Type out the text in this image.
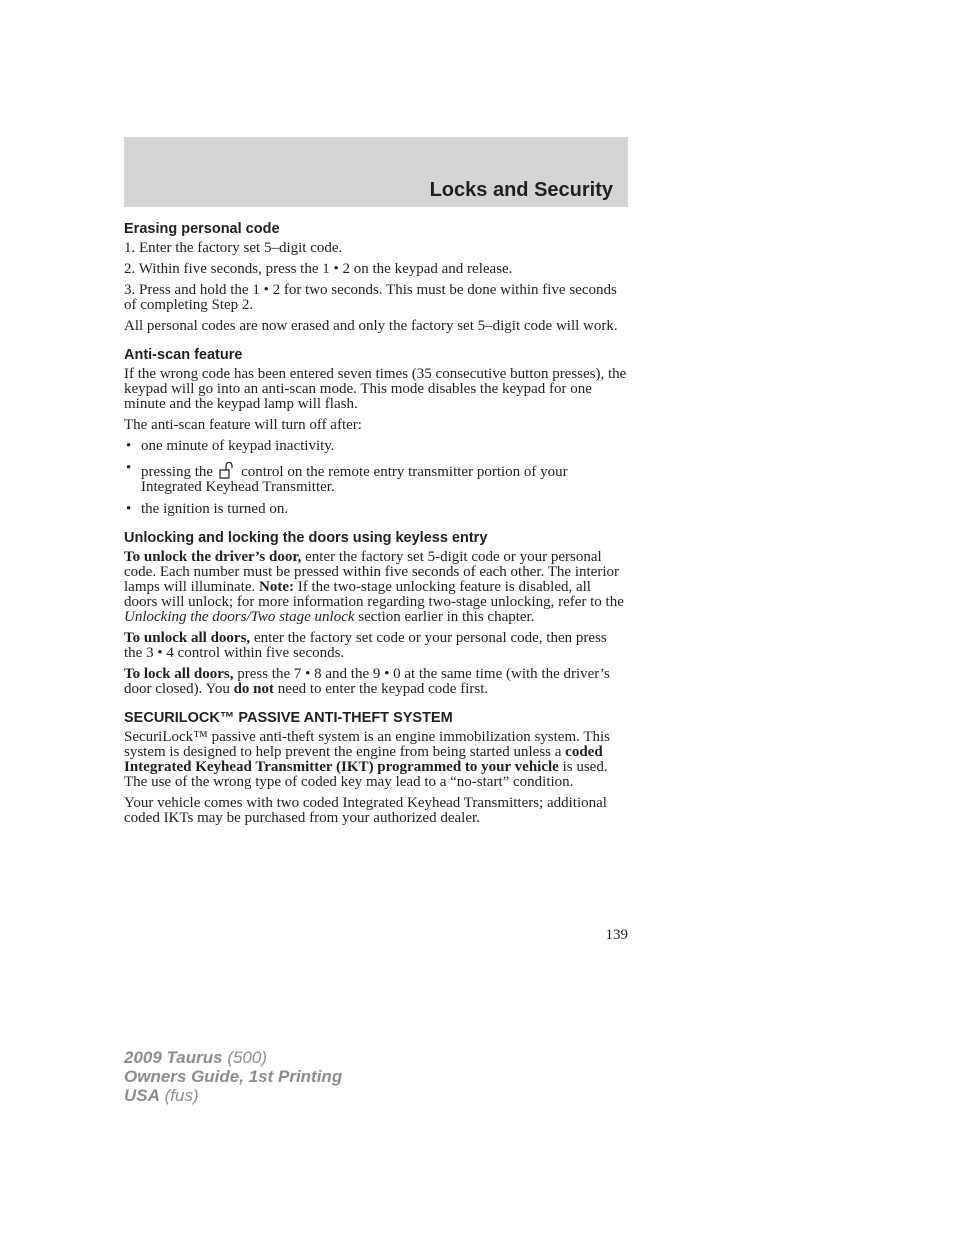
Locks and Security
Erasing personal code

1. Enter the factory set 5–digit code.

2. Within five seconds, press the 1 • 2 on the keypad and release.

3. Press and hold the 1 • 2 for two seconds. This must be done within five seconds of completing Step 2.

All personal codes are now erased and only the factory set 5–digit code will work.

Anti-scan feature

If the wrong code has been entered seven times (35 consecutive button presses), the keypad will go into an anti-scan mode. This mode disables the keypad for one minute and the keypad lamp will flash.

The anti-scan feature will turn off after:

• one minute of keypad inactivity.
• pressing the control on the remote entry transmitter portion of your Integrated Keyhead Transmitter.
• the ignition is turned on.
Unlocking and locking the doors using keyless entry

To unlock the driver’s door, enter the factory set 5-digit code or your personal code. Each number must be pressed within five seconds of each other. The interior lamps will illuminate. Note: If the two-stage unlocking feature is disabled, all doors will unlock; for more information regarding two-stage unlocking, refer to the Unlocking the doors/Two stage unlock section earlier in this chapter.

To unlock all doors, enter the factory set code or your personal code, then press the 3 • 4 control within five seconds.

To lock all doors, press the 7 • 8 and the 9 • 0 at the same time (with the driver’s door closed). You do not need to enter the keypad code first.

SECURILOCK™ PASSIVE ANTI-THEFT SYSTEM

SecuriLock™ passive anti-theft system is an engine immobilization system. This system is designed to help prevent the engine from being started unless a coded Integrated Keyhead Transmitter (IKT) programmed to your vehicle is used. The use of the wrong type of coded key may lead to a “no-start” condition.

Your vehicle comes with two coded Integrated Keyhead Transmitters; additional coded IKTs may be purchased from your authorized dealer.

139
2009 Taurus (500)
Owners Guide, 1st Printing
USA (fus)
